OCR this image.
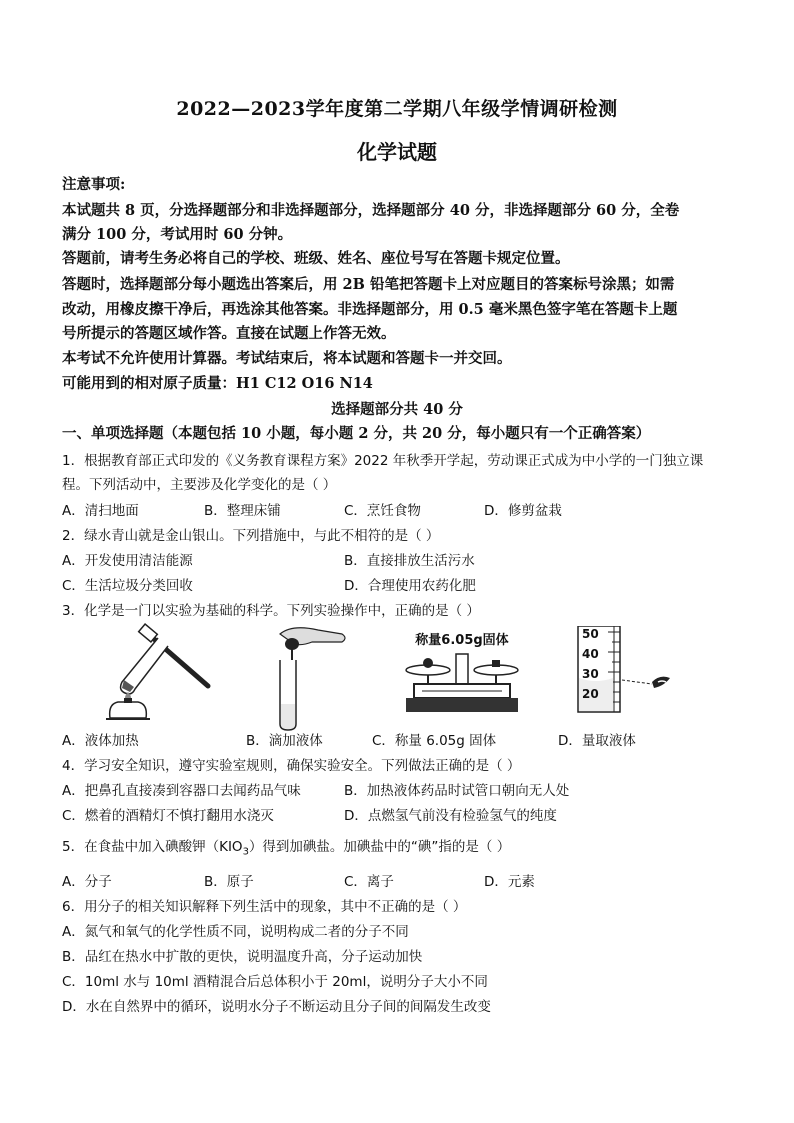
2022—2023学年度第二学期八年级学情调研检测
化学试题
注意事项:
本试题共 8 页，分选择题部分和非选择题部分，选择题部分 40 分，非选择题部分 60 分，全卷
满分 100 分，考试用时 60 分钟。
答题前，请考生务必将自己的学校、班级、姓名、座位号写在答题卡规定位置。
答题时，选择题部分每小题选出答案后，用 2B 铅笔把答题卡上对应题目的答案标号涂黑；如需
改动，用橡皮擦干净后，再选涂其他答案。非选择题部分，用 0.5 毫米黑色签字笔在答题卡上题
号所提示的答题区域作答。直接在试题上作答无效。
本考试不允许使用计算器。考试结束后，将本试题和答题卡一并交回。
可能用到的相对原子质量：H1 C12 O16 N14
选择题部分共 40 分
一、单项选择题（本题包括 10 小题，每小题 2 分，共 20 分，每小题只有一个正确答案）
1．根据教育部正式印发的《义务教育课程方案》2022 年秋季开学起，劳动课正式成为中小学的一门独立课
程。下列活动中，主要涉及化学变化的是（ ）
A．清扫地面	B．整理床铺	C．烹饪食物	D．修剪盆栽
2．绿水青山就是金山银山。下列措施中，与此不相符的是（ ）
A．开发使用清洁能源	B．直接排放生活污水
C．生活垃圾分类回收	D．合理使用农药化肥
3．化学是一门以实验为基础的科学。下列实验操作中，正确的是（ ）
称量6.05g固体	50
40
30
20
A．液体加热	B．滴加液体	C．称量 6.05g 固体	D．量取液体
4．学习安全知识，遵守实验室规则，确保实验安全。下列做法正确的是（ ）
A．把鼻孔直接凑到容器口去闻药品气味	B．加热液体药品时试管口朝向无人处
C．燃着的酒精灯不慎打翻用水浇灭	D．点燃氢气前没有检验氢气的纯度
5．在食盐中加入碘酸钾$(KIO_3)$得到加碘盐。加碘盐中的“碘”指的是（ ）
A．分子	B．原子	C．离子	D．元素
6．用分子的相关知识解释下列生活中的现象，其中不正确的是（ ）
A．氮气和氧气的化学性质不同，说明构成二者的分子不同
B．品红在热水中扩散的更快，说明温度升高，分子运动加快
C．10ml 水与 10ml 酒精混合后总体积小于 20ml，说明分子大小不同
D．水在自然界中的循环，说明水分子不断运动且分子间的间隔发生改变
